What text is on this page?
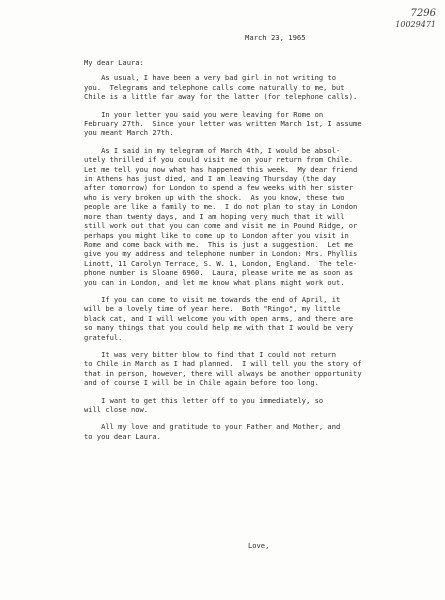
7296
10029471
March 23, 1965
My dear Laura:
As usual, I have been a very bad girl in not writing to
you.  Telegrams and telephone calls come naturally to me, but
Chile is a little far away for the latter (for telephone calls).
In your letter you said you were leaving for Rome on
February 27th.  Since your letter was written March 1st, I assume
you meant March 27th.
As I said in my telegram of March 4th, I would be absol-
utely thrilled if you could visit me on your return from Chile.
Let me tell you now what has happened this week.  My dear friend
in Athens has just died, and I am leaving Thursday (the day
after tomorrow) for London to spend a few weeks with her sister
who is very broken up with the shock.  As you know, these two
people are like a family to me.  I do not plan to stay in London
more than twenty days, and I am hoping very much that it will
still work out that you can come and visit me in Pound Ridge, or
perhaps you might like to come up to London after you visit in
Rome and come back with me.  This is just a suggestion.  Let me
give you my address and telephone number in London: Mrs. Phyllis
Linott, 11 Carolyn Terrace, S. W. 1, London, England.  The tele-
phone number is Sloane 6960.  Laura, please write me as soon as
you can in London, and let me know what plans might work out.
If you can come to visit me towards the end of April, it
will be a lovely time of year here.  Both "Ringo", my little
black cat, and I will welcome you with open arms, and there are
so many things that you could help me with that I would be very
grateful.
It was very bitter blow to find that I could not return
to Chile in March as I had planned.  I will tell you the story of
that in person, however, there will always be another opportunity
and of course I will be in Chile again before too long.
I want to get this letter off to you immediately, so
will close now.
All my love and gratitude to your Father and Mother, and
to you dear Laura.
Love,
